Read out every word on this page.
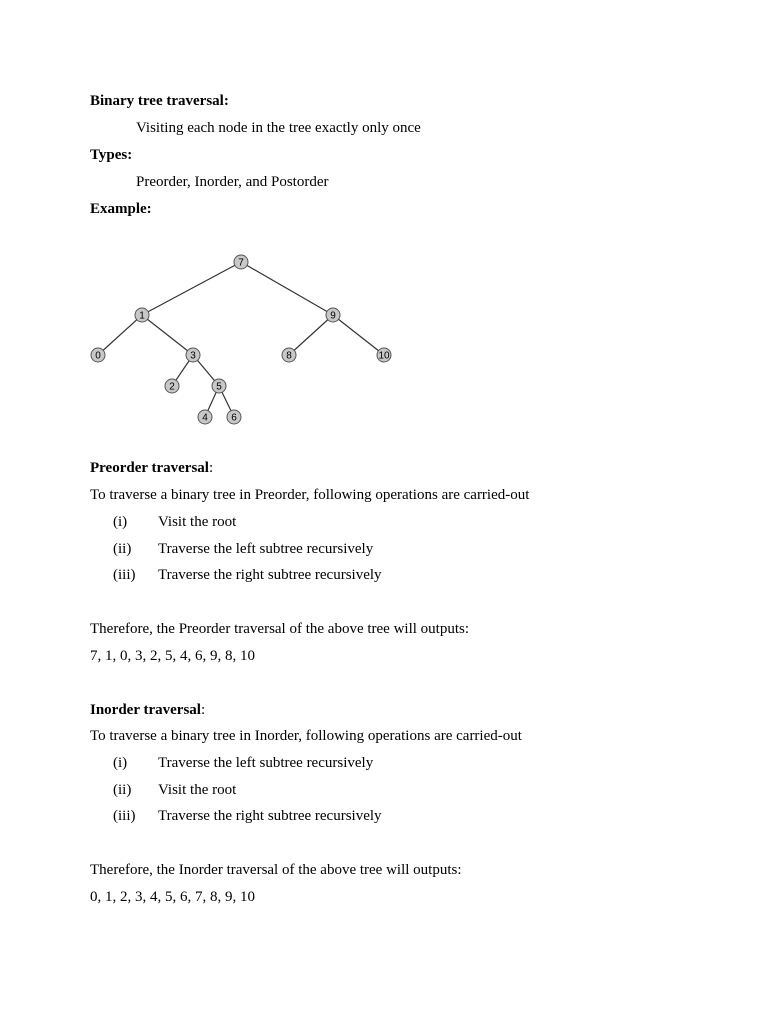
Binary tree traversal:
Visiting each node in the tree exactly only once
Types:
Preorder, Inorder, and Postorder
Example:
7
1	9
0	3	8	10
2	5
4 6
Preorder traversal:
To traverse a binary tree in Preorder, following operations are carried-out
(i) Visit the root
(ii) Traverse the left subtree recursively
(iii) Traverse the right subtree recursively
Therefore, the Preorder traversal of the above tree will outputs:
7, 1, 0, 3, 2, 5, 4, 6, 9, 8, 10
Inorder traversal:
To traverse a binary tree in Inorder, following operations are carried-out
(i) Traverse the left subtree recursively
(ii) Visit the root
(iii) Traverse the right subtree recursively
Therefore, the Inorder traversal of the above tree will outputs:
0, 1, 2, 3, 4, 5, 6, 7, 8, 9, 10
